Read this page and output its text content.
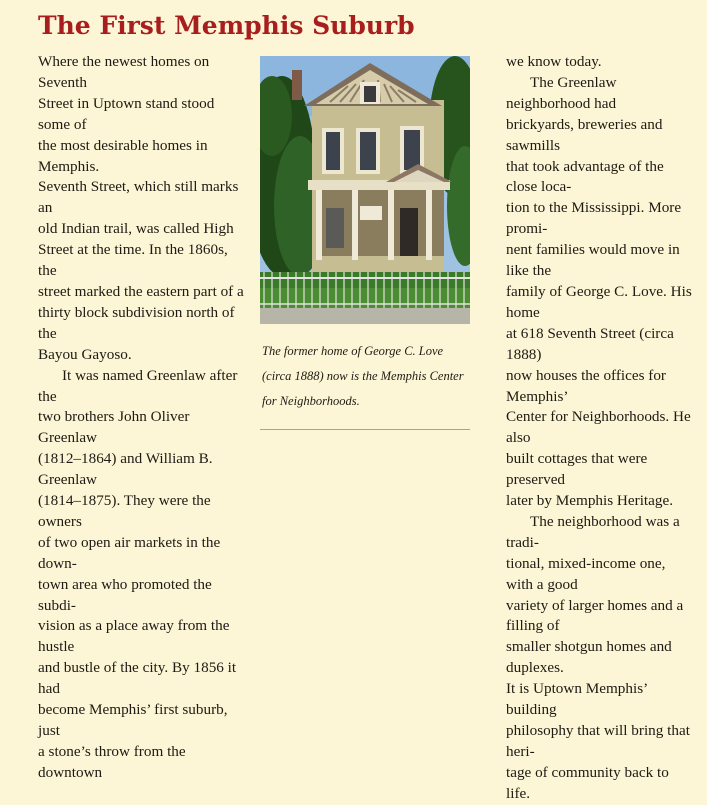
The First Memphis Suburb

Where the newest homes on Seventh

Street in Uptown stand stood some of

the most desirable homes in Memphis.

Seventh Street, which still marks an

old Indian trail, was called High

Street at the time. In the 1860s, the

street marked the eastern part of a

thirty block subdivision north of the

Bayou Gayoso.

It was named Greenlaw after the

two brothers John Oliver Greenlaw

(1812–1864) and William B. Greenlaw

(1814–1875). They were the owners

of two open air markets in the down-

town area who promoted the subdi-

vision as a place away from the hustle

and bustle of the city. By 1856 it had

become Memphis’ first suburb, just

a stone’s throw from the downtown

The former home of George C. Love
(circa 1888) now is the Memphis Center
for Neighborhoods.

we know today.

The Greenlaw neighborhood had

brickyards, breweries and sawmills

that took advantage of the close loca-

tion to the Mississippi. More promi-

nent families would move in like the

family of George C. Love. His home

at 618 Seventh Street (circa 1888)

now houses the offices for Memphis’

Center for Neighborhoods. He also

built cottages that were preserved

later by Memphis Heritage.

The neighborhood was a tradi-

tional, mixed-income one, with a good

variety of larger homes and a filling of

smaller shotgun homes and duplexes.

It is Uptown Memphis’ building

philosophy that will bring that heri-

tage of community back to life.
